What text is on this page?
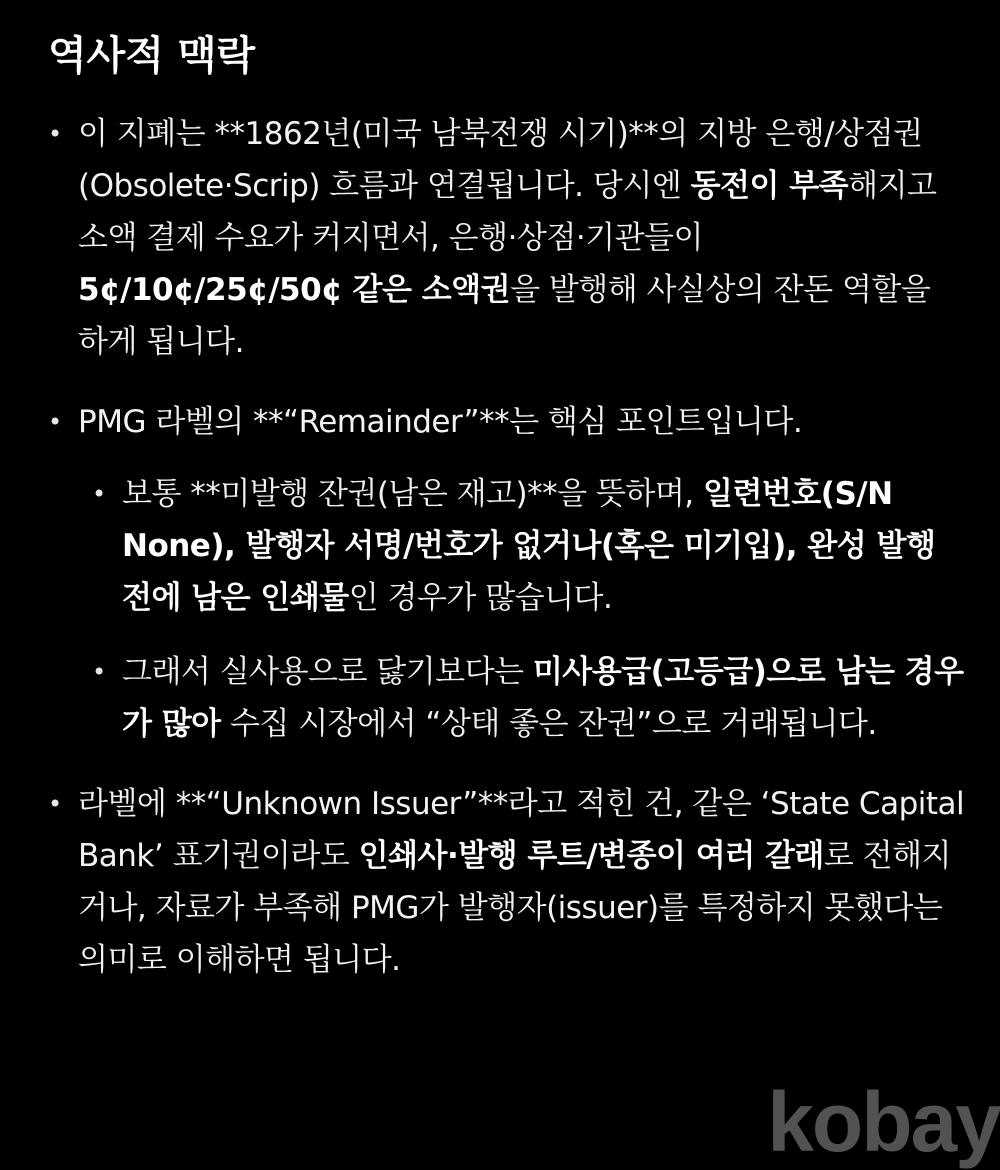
역사적 맥락
• 이 지폐는 **1862년(미국 남북전쟁 시기)**의 지방 은행/상점권(Obsolete·Scrip) 흐름과 연결됩니다. 당시엔 동전이 부족해지고 소액 결제 수요가 커지면서, 은행·상점·기관들이 5¢/10¢/25¢/50¢ 같은 소액권을 발행해 사실상의 잔돈 역할을 하게 됩니다.
• PMG 라벨의 **“Remainder”**는 핵심 포인트입니다.
• 보통 **미발행 잔권(남은 재고)**을 뜻하며, 일련번호(S/N None), 발행자 서명/번호가 없거나(혹은 미기입), 완성 발행 전에 남은 인쇄물인 경우가 많습니다.
• 그래서 실사용으로 닳기보다는 미사용급(고등급)으로 남는 경우가 많아 수집 시장에서 “상태 좋은 잔권”으로 거래됩니다.
• 라벨에 **“Unknown Issuer”**라고 적힌 건, 같은 ‘State Capital Bank’ 표기권이라도 인쇄사·발행 루트/변종이 여러 갈래로 전해지거나, 자료가 부족해 PMG가 발행자(issuer)를 특정하지 못했다는 의미로 이해하면 됩니다.
kobay
